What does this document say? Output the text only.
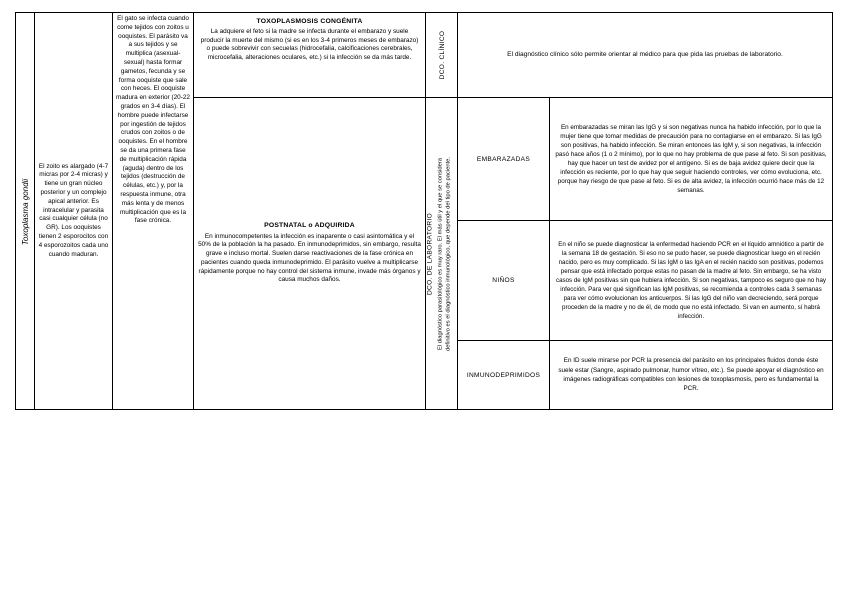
Toxoplasma gondii
El zoito es alargado (4-7 micras por 2-4 micras) y tiene un gran núcleo posterior y un complejo apical anterior. Es intracelular y parasita casi cualquier célula (no GR). Los ooquistes tienen 2 esporocitos con 4 esporozoitos cada uno cuando maduran.
El gato se infecta cuando come tejidos con zoitos u ooquistes. El parásito va a sus tejidos y se multiplica (asexual-sexual) hasta formar gametos, fecunda y se forma ooquiste que sale con heces. El ooquiste madura en exterior (20-22 grados en 3-4 días). El hombre puede infectarse por ingestión de tejidos crudos con zoitos o de ooquistes. En el hombre se da una primera fase de multiplicación rápida (aguda) dentro de los tejidos (destrucción de células, etc.) y, por la respuesta inmune, otra más lenta y de menos multiplicación que es la fase crónica.
TOXOPLASMOSIS CONGÉNITA
La adquiere el feto si la madre se infecta durante el embarazo y suele producir la muerte del mismo (si es en los 3-4 primeros meses de embarazo) o puede sobrevivir con secuelas (hidrocefalia, calcificaciones cerebrales, microcefalia, alteraciones oculares, etc.) si la infección se da más tarde.
POSTNATAL o ADQUIRIDA
En inmunocompetentes la infección es inaparente o casi asintomática y el 50% de la población la ha pasado. En inmunodeprimidos, sin embargo, resulta grave e incluso mortal. Suelen darse reactivaciones de la fase crónica en pacientes cuando queda inmunodeprimido. El parásito vuelve a multiplicarse rápidamente porque no hay control del sistema inmune, invade más órganos y causa muchos daños.
DCO. CLÍNICO	El diagnóstico clínico sólo permite orientar al médico para que pida las pruebas de laboratorio.
DCO. DE LABORATORIO El diagnóstico parasitológico es muy raro. El más útil y el que se considera definitivo es el diagnóstico inmunológico, que depende del tipo de paciente.	EMBARAZADAS
NIÑOS
INMUNODEPRIMIDOS
En embarazadas se miran las IgG y si son negativas nunca ha habido infección, por lo que la mujer tiene que tomar medidas de precaución para no contagiarse en el embarazo. Si las IgG son positivas, ha habido infección. Se miran entonces las IgM y, si son negativas, la infección pasó hace años (1 o 2 mínimo), por lo que no hay problema de que pase al feto. Si son positivas, hay que hacer un test de avidez por el antígeno. Si es de baja avidez quiere decir que la infección es reciente, por lo que hay que seguir haciendo controles, ver cómo evoluciona, etc. porque hay riesgo de que pase al feto. Si es de alta avidez, la infección ocurrió hace más de 12 semanas.
En el niño se puede diagnosticar la enfermedad haciendo PCR en el líquido amniótico a partir de la semana 18 de gestación. Si eso no se pudo hacer, se puede diagnosticar luego en el recién nacido, pero es muy complicado. Si las IgM o las IgA en el recién nacido son positivas, podemos pensar que está infectado porque estas no pasan de la madre al feto. Sin embargo, se ha visto casos de IgM positivas sin que hubiera infección. Si son negativas, tampoco es seguro que no hay infección. Para ver qué significan las IgM positivas, se recomienda a controles cada 3 semanas para ver cómo evolucionan los anticuerpos. Si las IgG del niño van decreciendo, será porque proceden de la madre y no de él, de modo que no está infectado. Si van en aumento, sí habrá infección.
En ID suele mirarse por PCR la presencia del parásito en los principales fluidos donde éste suele estar (Sangre, aspirado pulmonar, humor vítreo, etc.). Se puede apoyar el diagnóstico en imágenes radiográficas compatibles con lesiones de toxoplasmosis, pero es fundamental la PCR.
